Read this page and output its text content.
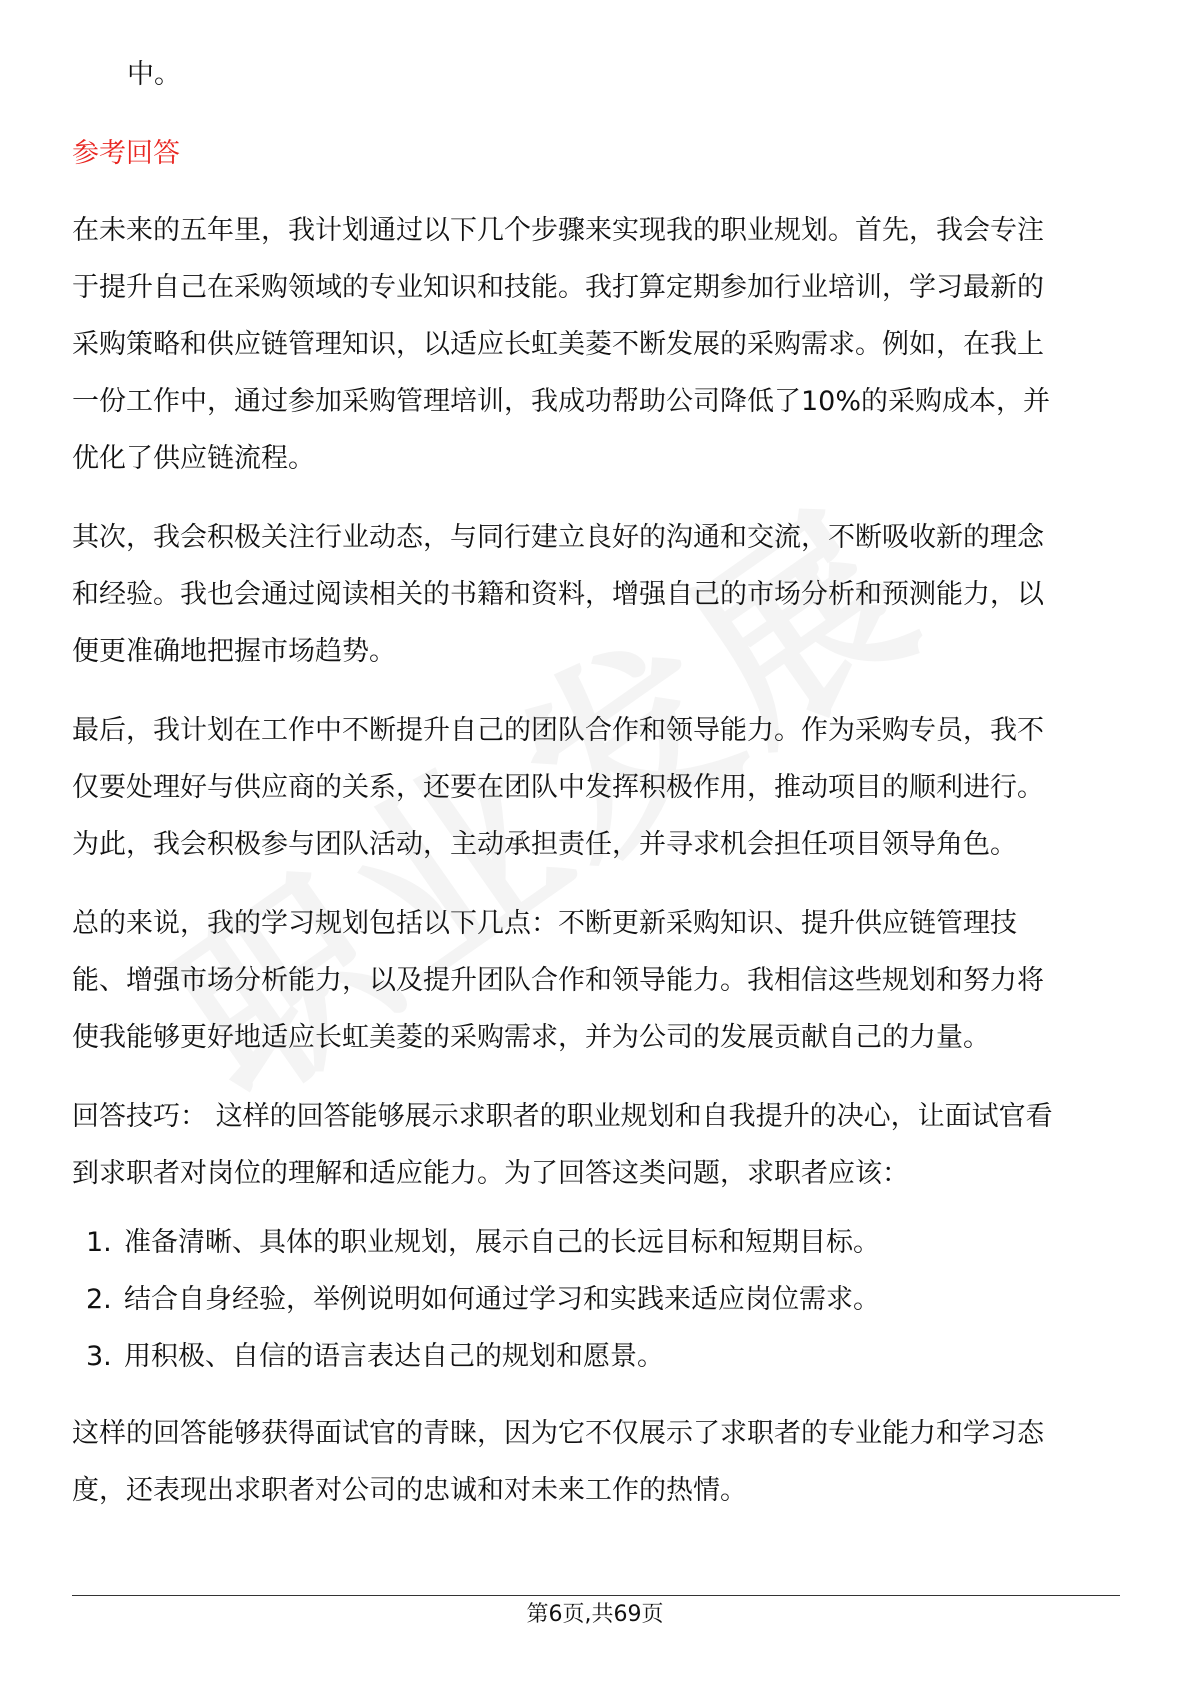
中。

参考回答

在未来的五年里，我计划通过以下几个步骤来实现我的职业规划。首先，我会专注

于提升自己在采购领域的专业知识和技能。我打算定期参加行业培训，学习最新的

采购策略和供应链管理知识，以适应长虹美菱不断发展的采购需求。例如，在我上

一份工作中，通过参加采购管理培训，我成功帮助公司降低了10%的采购成本，并

优化了供应链流程。

其次，我会积极关注行业动态，与同行建立良好的沟通和交流，不断吸收新的理念

和经验。我也会通过阅读相关的书籍和资料，增强自己的市场分析和预测能力，以

便更准确地把握市场趋势。

最后，我计划在工作中不断提升自己的团队合作和领导能力。作为采购专员，我不

仅要处理好与供应商的关系，还要在团队中发挥积极作用，推动项目的顺利进行。

为此，我会积极参与团队活动，主动承担责任，并寻求机会担任项目领导角色。

总的来说，我的学习规划包括以下几点：不断更新采购知识、提升供应链管理技

能、增强市场分析能力，以及提升团队合作和领导能力。我相信这些规划和努力将

使我能够更好地适应长虹美菱的采购需求，并为公司的发展贡献自己的力量。

回答技巧： 这样的回答能够展示求职者的职业规划和自我提升的决心，让面试官看

到求职者对岗位的理解和适应能力。为了回答这类问题，求职者应该：

1. 准备清晰、具体的职业规划，展示自己的长远目标和短期目标。
2. 结合自身经验，举例说明如何通过学习和实践来适应岗位需求。
3. 用积极、自信的语言表达自己的规划和愿景。

这样的回答能够获得面试官的青睐，因为它不仅展示了求职者的专业能力和学习态

度，还表现出求职者对公司的忠诚和对未来工作的热情。

第6页,共69页
